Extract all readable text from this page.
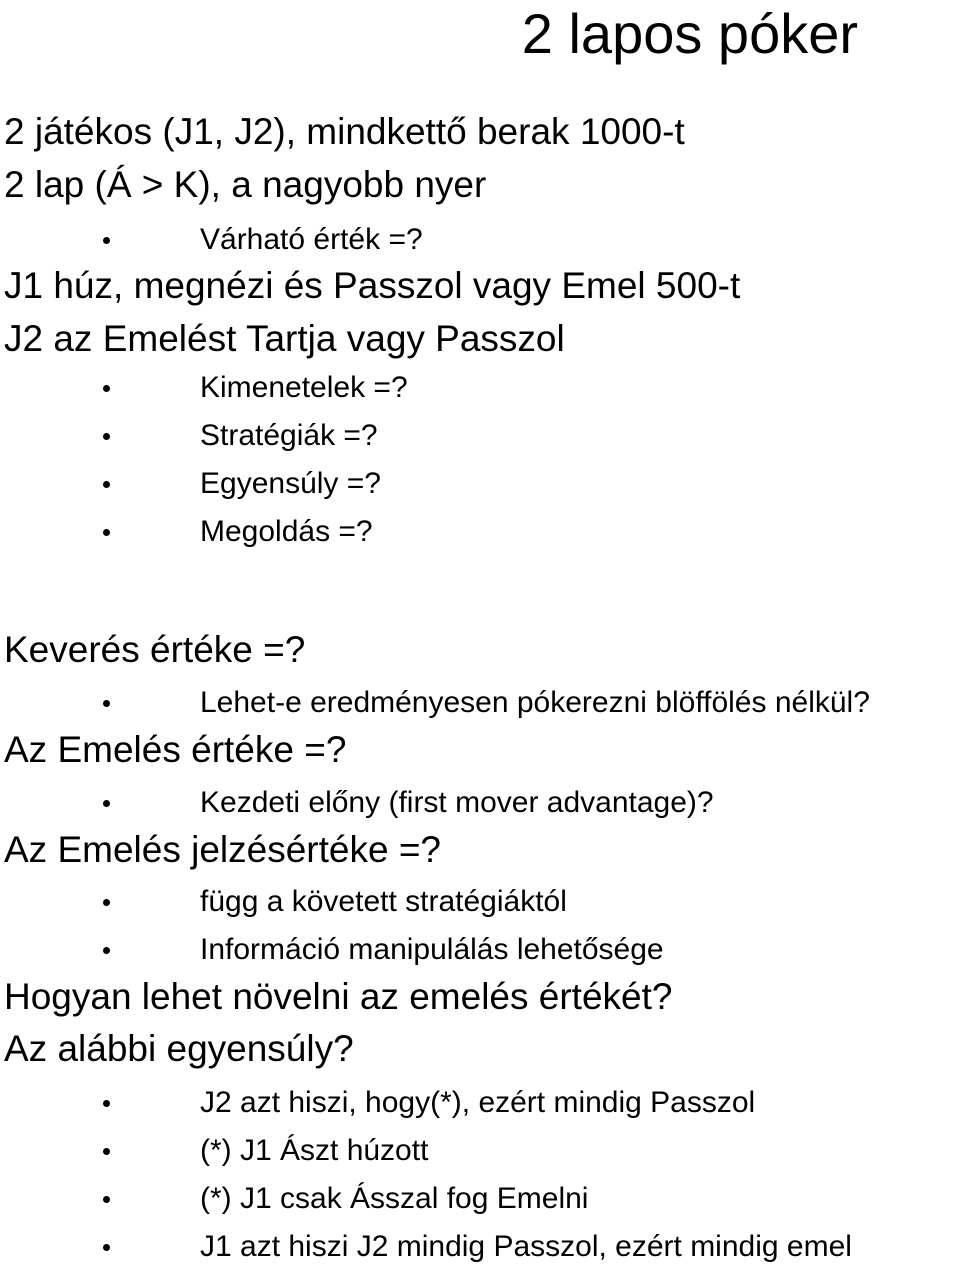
2 lapos póker
2 játékos (J1, J2), mindkettő berak 1000-t
2 lap (Á > K), a nagyobb nyer
Várható érték =?
J1 húz, megnézi és Passzol vagy Emel 500-t
J2 az Emelést Tartja vagy Passzol
Kimenetelek =?
Stratégiák =?
Egyensúly =?
Megoldás =?
Keverés értéke =?
Lehet-e eredményesen pókerezni blöffölés nélkül?
Az Emelés értéke =?
Kezdeti előny (first mover advantage)?
Az Emelés jelzésértéke =?
függ a követett stratégiáktól
Információ manipulálás lehetősége
Hogyan lehet növelni az emelés értékét?
Az alábbi egyensúly?
J2 azt hiszi, hogy(*), ezért mindig Passzol
(*) J1 Ászt húzott
(*) J1 csak Ásszal fog Emelni
J1 azt hiszi J2 mindig Passzol, ezért mindig emel
